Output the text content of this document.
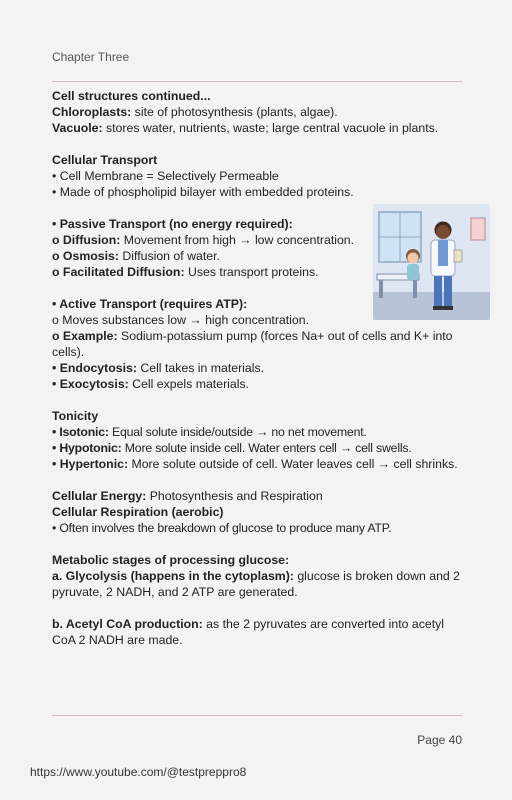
Chapter Three
Cell structures continued...
Chloroplasts: site of photosynthesis (plants, algae).
Vacuole: stores water, nutrients, waste; large central vacuole in plants.
Cellular Transport
• Cell Membrane = Selectively Permeable
• Made of phospholipid bilayer with embedded proteins.
• Passive Transport (no energy required):
o Diffusion: Movement from high → low concentration.
o Osmosis: Diffusion of water.
o Facilitated Diffusion: Uses transport proteins.
• Active Transport (requires ATP):
o Moves substances low → high concentration.
o Example: Sodium-potassium pump (forces Na+ out of cells and K+ into cells).
• Endocytosis: Cell takes in materials.
• Exocytosis: Cell expels materials.
Tonicity
• Isotonic: Equal solute inside/outside → no net movement.
• Hypotonic: More solute inside cell. Water enters cell → cell swells.
• Hypertonic: More solute outside of cell. Water leaves cell → cell shrinks.
Cellular Energy: Photosynthesis and Respiration
Cellular Respiration (aerobic)
• Often involves the breakdown of glucose to produce many ATP.
Metabolic stages of processing glucose:
a. Glycolysis (happens in the cytoplasm): glucose is broken down and 2 pyruvate, 2 NADH, and 2 ATP are generated.
b. Acetyl CoA production: as the 2 pyruvates are converted into acetyl CoA 2 NADH are made.
Page 40
https://www.youtube.com/@testpreppro8
